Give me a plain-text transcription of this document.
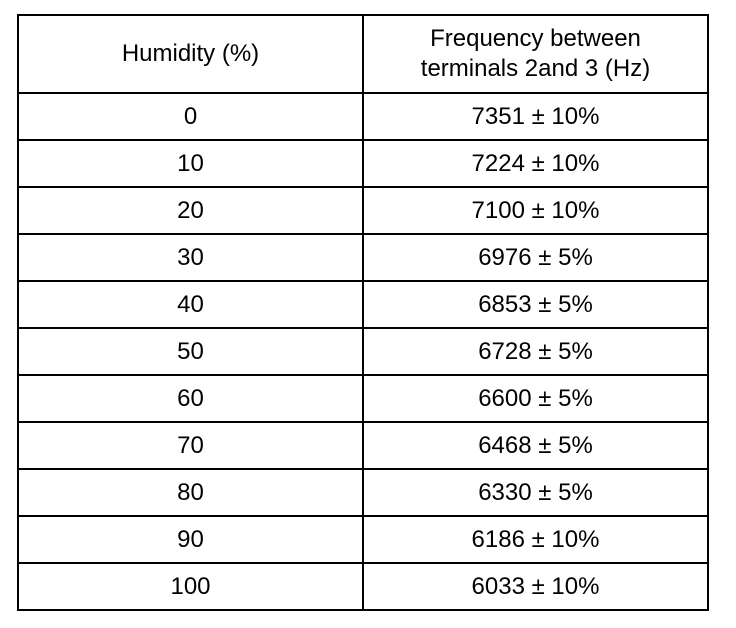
Humidity (%)	Frequency between
terminals 2and 3 (Hz)
0	7351 ± 10%
10	7224 ± 10%
20	7100 ± 10%
30	6976 ± 5%
40	6853 ± 5%
50	6728 ± 5%
60	6600 ± 5%
70	6468 ± 5%
80	6330 ± 5%
90	6186 ± 10%
100	6033 ± 10%
